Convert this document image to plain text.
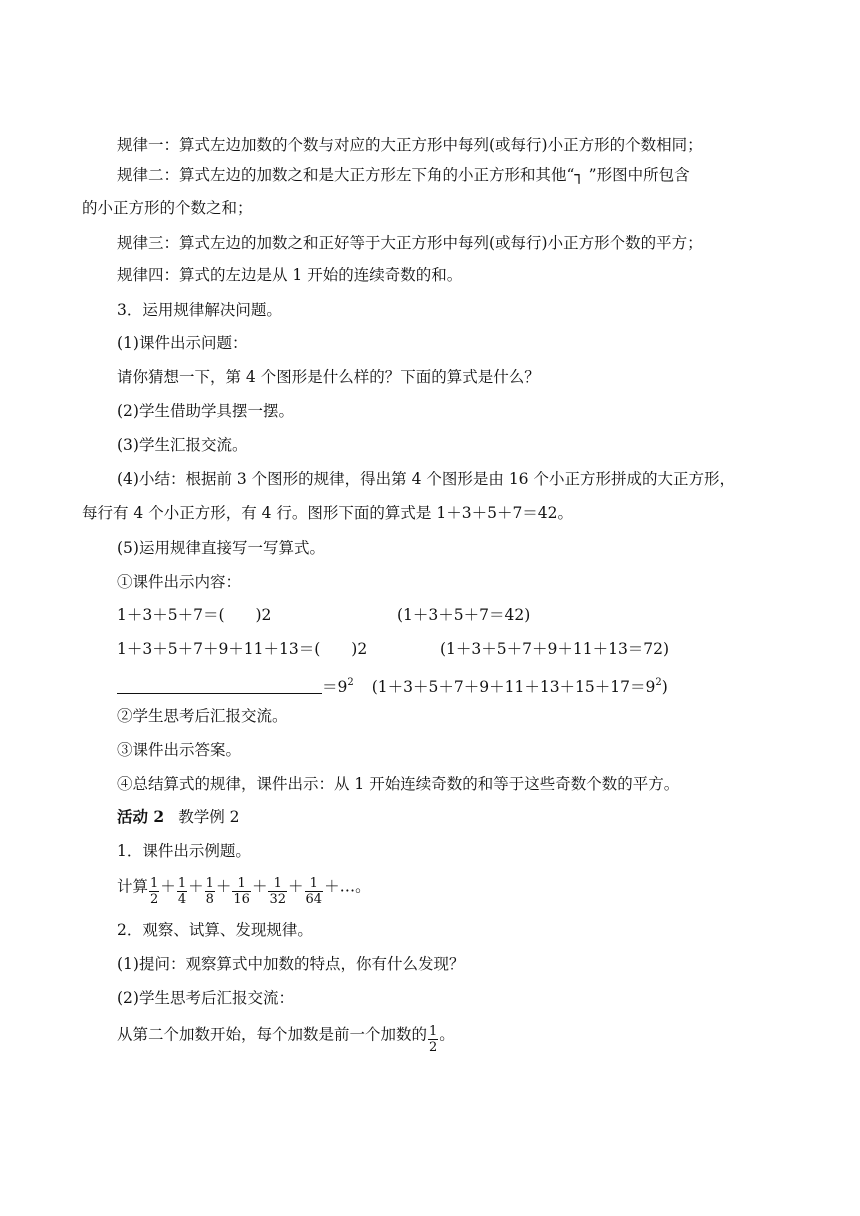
规律一：算式左边加数的个数与对应的大正方形中每列(或每行)小正方形的个数相同；
规律二：算式左边的加数之和是大正方形左下角的小正方形和其他“┐ ”形图中所包含
的小正方形的个数之和；
规律三：算式左边的加数之和正好等于大正方形中每列(或每行)小正方形个数的平方；
规律四：算式的左边是从 1 开始的连续奇数的和。
3．运用规律解决问题。
(1)课件出示问题：
请你猜想一下，第 4 个图形是什么样的？下面的算式是什么？
(2)学生借助学具摆一摆。
(3)学生汇报交流。
(4)小结：根据前 3 个图形的规律，得出第 4 个图形是由 16 个小正方形拼成的大正方形，
每行有 4 个小正方形，有 4 行。图形下面的算式是 1＋3＋5＋7＝42。
(5)运用规律直接写一写算式。
①课件出示内容：
1＋3＋5＋7＝(　　)2	(1＋3＋5＋7＝42)
1＋3＋5＋7＋9＋11＋13＝(　　)2	(1＋3＋5＋7＋9＋11＋13＝72)
$=9^2$ $(1+3+5+7+9+11+13+15+17=9^2)$
②学生思考后汇报交流。
③课件出示答案。
④总结算式的规律，课件出示：从 1 开始连续奇数的和等于这些奇数个数的平方。
活动 2 教学例 2
1．课件出示例题。
计算 $\frac{1}{2} + \frac{1}{4} + \frac{1}{8} + \frac{1}{16} + \frac{1}{32} + \frac{1}{64}$ ＋…。
2．观察、试算、发现规律。
(1)提问：观察算式中加数的特点，你有什么发现？
(2)学生思考后汇报交流：
从第二个加数开始，每个加数是前一个加数的 $\frac{1}{2}$ 。
